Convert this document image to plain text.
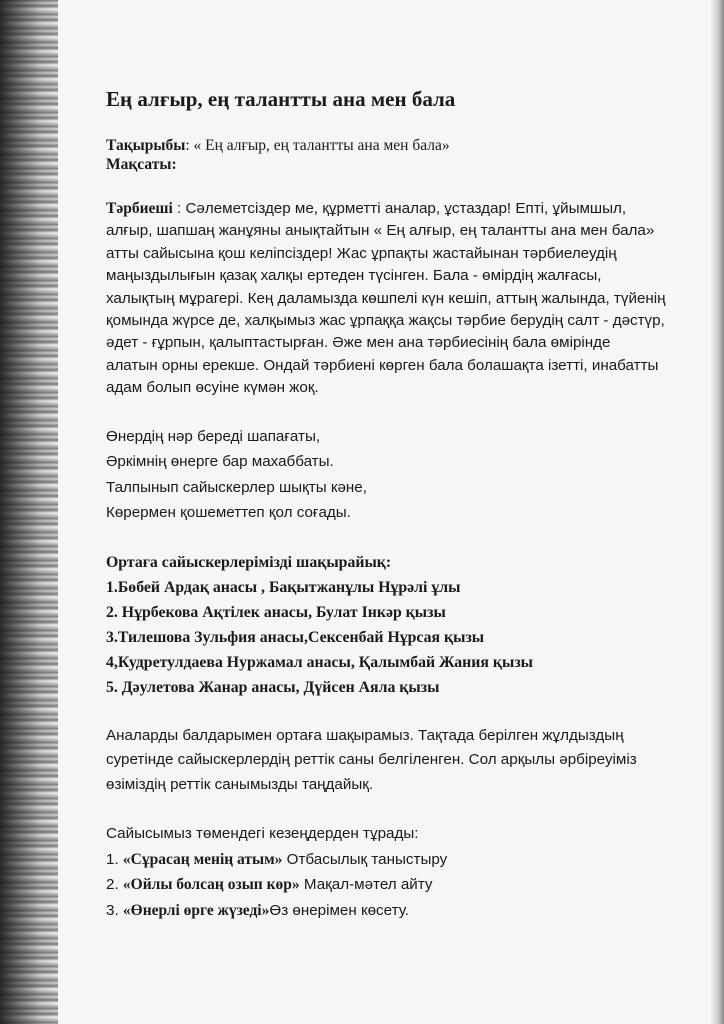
Ең алғыр, ең талантты ана мен бала
Тақырыбы: « Ең алғыр, ең талантты ана мен бала»
Мақсаты:

Тәрбиеші : Сәлеметсіздер ме, құрметті аналар, ұстаздар! Епті, ұйымшыл, алғыр, шапшаң жанұяны анықтайтын « Ең алғыр, ең талантты ана мен бала» атты сайысына қош келіпсіздер! Жас ұрпақты жастайынан тәрбиелеудің маңыздылығын қазақ халқы ертеден түсінген. Бала - өмірдің жалғасы, халықтың мұрагері. Кең даламызда көшпелі күн кешіп, аттың жалында, түйенің қомында жүрсе де, халқымыз жас ұрпаққа жақсы тәрбие берудің салт - дәстүр, әдет - ғұрпын, қалыптастырған. Әже мен ана тәрбиесінің бала өмірінде алатын орны ерекше. Ондай тәрбиені көрген бала болашақта ізетті, инабатты адам болып өсуіне күмән жоқ.

Өнердің нәр береді шапағаты,

Әркімнің өнерге бар махаббаты.

Талпынып сайыскерлер шықты кәне,

Көрермен қошеметтеп қол соғады.

Ортаға сайыскерлерімізді шақырайық:

1.Бөбей Ардақ анасы , Бақытжанұлы Нұрәлі ұлы

2. Нұрбекова Ақтілек анасы, Булат Інкәр қызы

3.Тилешова Зульфия анасы,Сексенбай Нұрсая қызы

4,Кудретулдаева Нуржамал анасы, Қалымбай Жания қызы

5. Дәулетова Жанар анасы, Дүйсен Аяла қызы

Аналарды балдарымен ортаға шақырамыз. Тақтада берілген жұлдыздың суретінде сайыскерлердің реттік саны белгіленген. Сол арқылы әрбіреуіміз өзіміздің реттік санымызды таңдайық.

Сайысымыз төмендегі кезеңдерден тұрады:

1. «Сұрасаң менің атым» Отбасылық таныстыру

2. «Ойлы болсаң озып көр» Мақал-мәтел айту

3. «Өнерлі өрге жүзеді»Өз өнерімен көсету.
